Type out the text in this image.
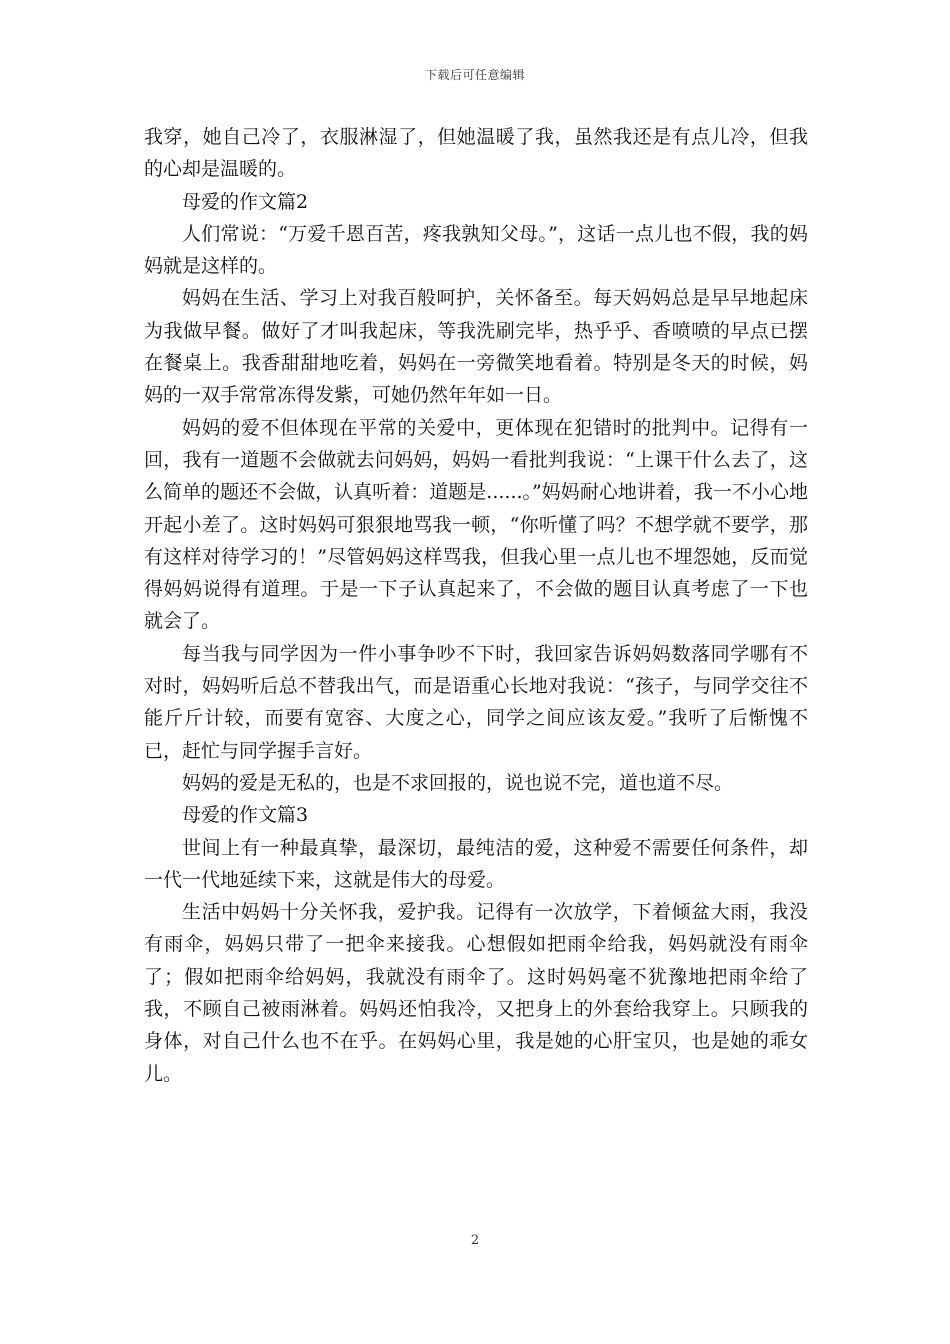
下载后可任意编辑

我穿，她自己冷了，衣服淋湿了，但她温暖了我，虽然我还是有点儿冷，但我的心却是温暖的。

母爱的作文篇2

人们常说：“万爱千恩百苦，疼我孰知父母。”，这话一点儿也不假，我的妈妈就是这样的。

妈妈在生活、学习上对我百般呵护，关怀备至。每天妈妈总是早早地起床为我做早餐。做好了才叫我起床，等我洗刷完毕，热乎乎、香喷喷的早点已摆在餐桌上。我香甜甜地吃着，妈妈在一旁微笑地看着。特别是冬天的时候，妈妈的一双手常常冻得发紫，可她仍然年年如一日。

妈妈的爱不但体现在平常的关爱中，更体现在犯错时的批判中。记得有一回，我有一道题不会做就去问妈妈，妈妈一看批判我说：“上课干什么去了，这么简单的题还不会做，认真听着：道题是......。”妈妈耐心地讲着，我一不小心地开起小差了。这时妈妈可狠狠地骂我一顿，“你听懂了吗？不想学就不要学，那有这样对待学习的！”尽管妈妈这样骂我，但我心里一点儿也不埋怨她，反而觉得妈妈说得有道理。于是一下子认真起来了，不会做的题目认真考虑了一下也就会了。

每当我与同学因为一件小事争吵不下时，我回家告诉妈妈数落同学哪有不对时，妈妈听后总不替我出气，而是语重心长地对我说：“孩子，与同学交往不能斤斤计较，而要有宽容、大度之心，同学之间应该友爱。”我听了后惭愧不已，赶忙与同学握手言好。

妈妈的爱是无私的，也是不求回报的，说也说不完，道也道不尽。

母爱的作文篇3

世间上有一种最真挚，最深切，最纯洁的爱，这种爱不需要任何条件，却一代一代地延续下来，这就是伟大的母爱。

生活中妈妈十分关怀我，爱护我。记得有一次放学，下着倾盆大雨，我没有雨伞，妈妈只带了一把伞来接我。心想假如把雨伞给我，妈妈就没有雨伞了；假如把雨伞给妈妈，我就没有雨伞了。这时妈妈毫不犹豫地把雨伞给了我，不顾自己被雨淋着。妈妈还怕我冷，又把身上的外套给我穿上。只顾我的身体，对自己什么也不在乎。在妈妈心里，我是她的心肝宝贝，也是她的乖女儿。

2
